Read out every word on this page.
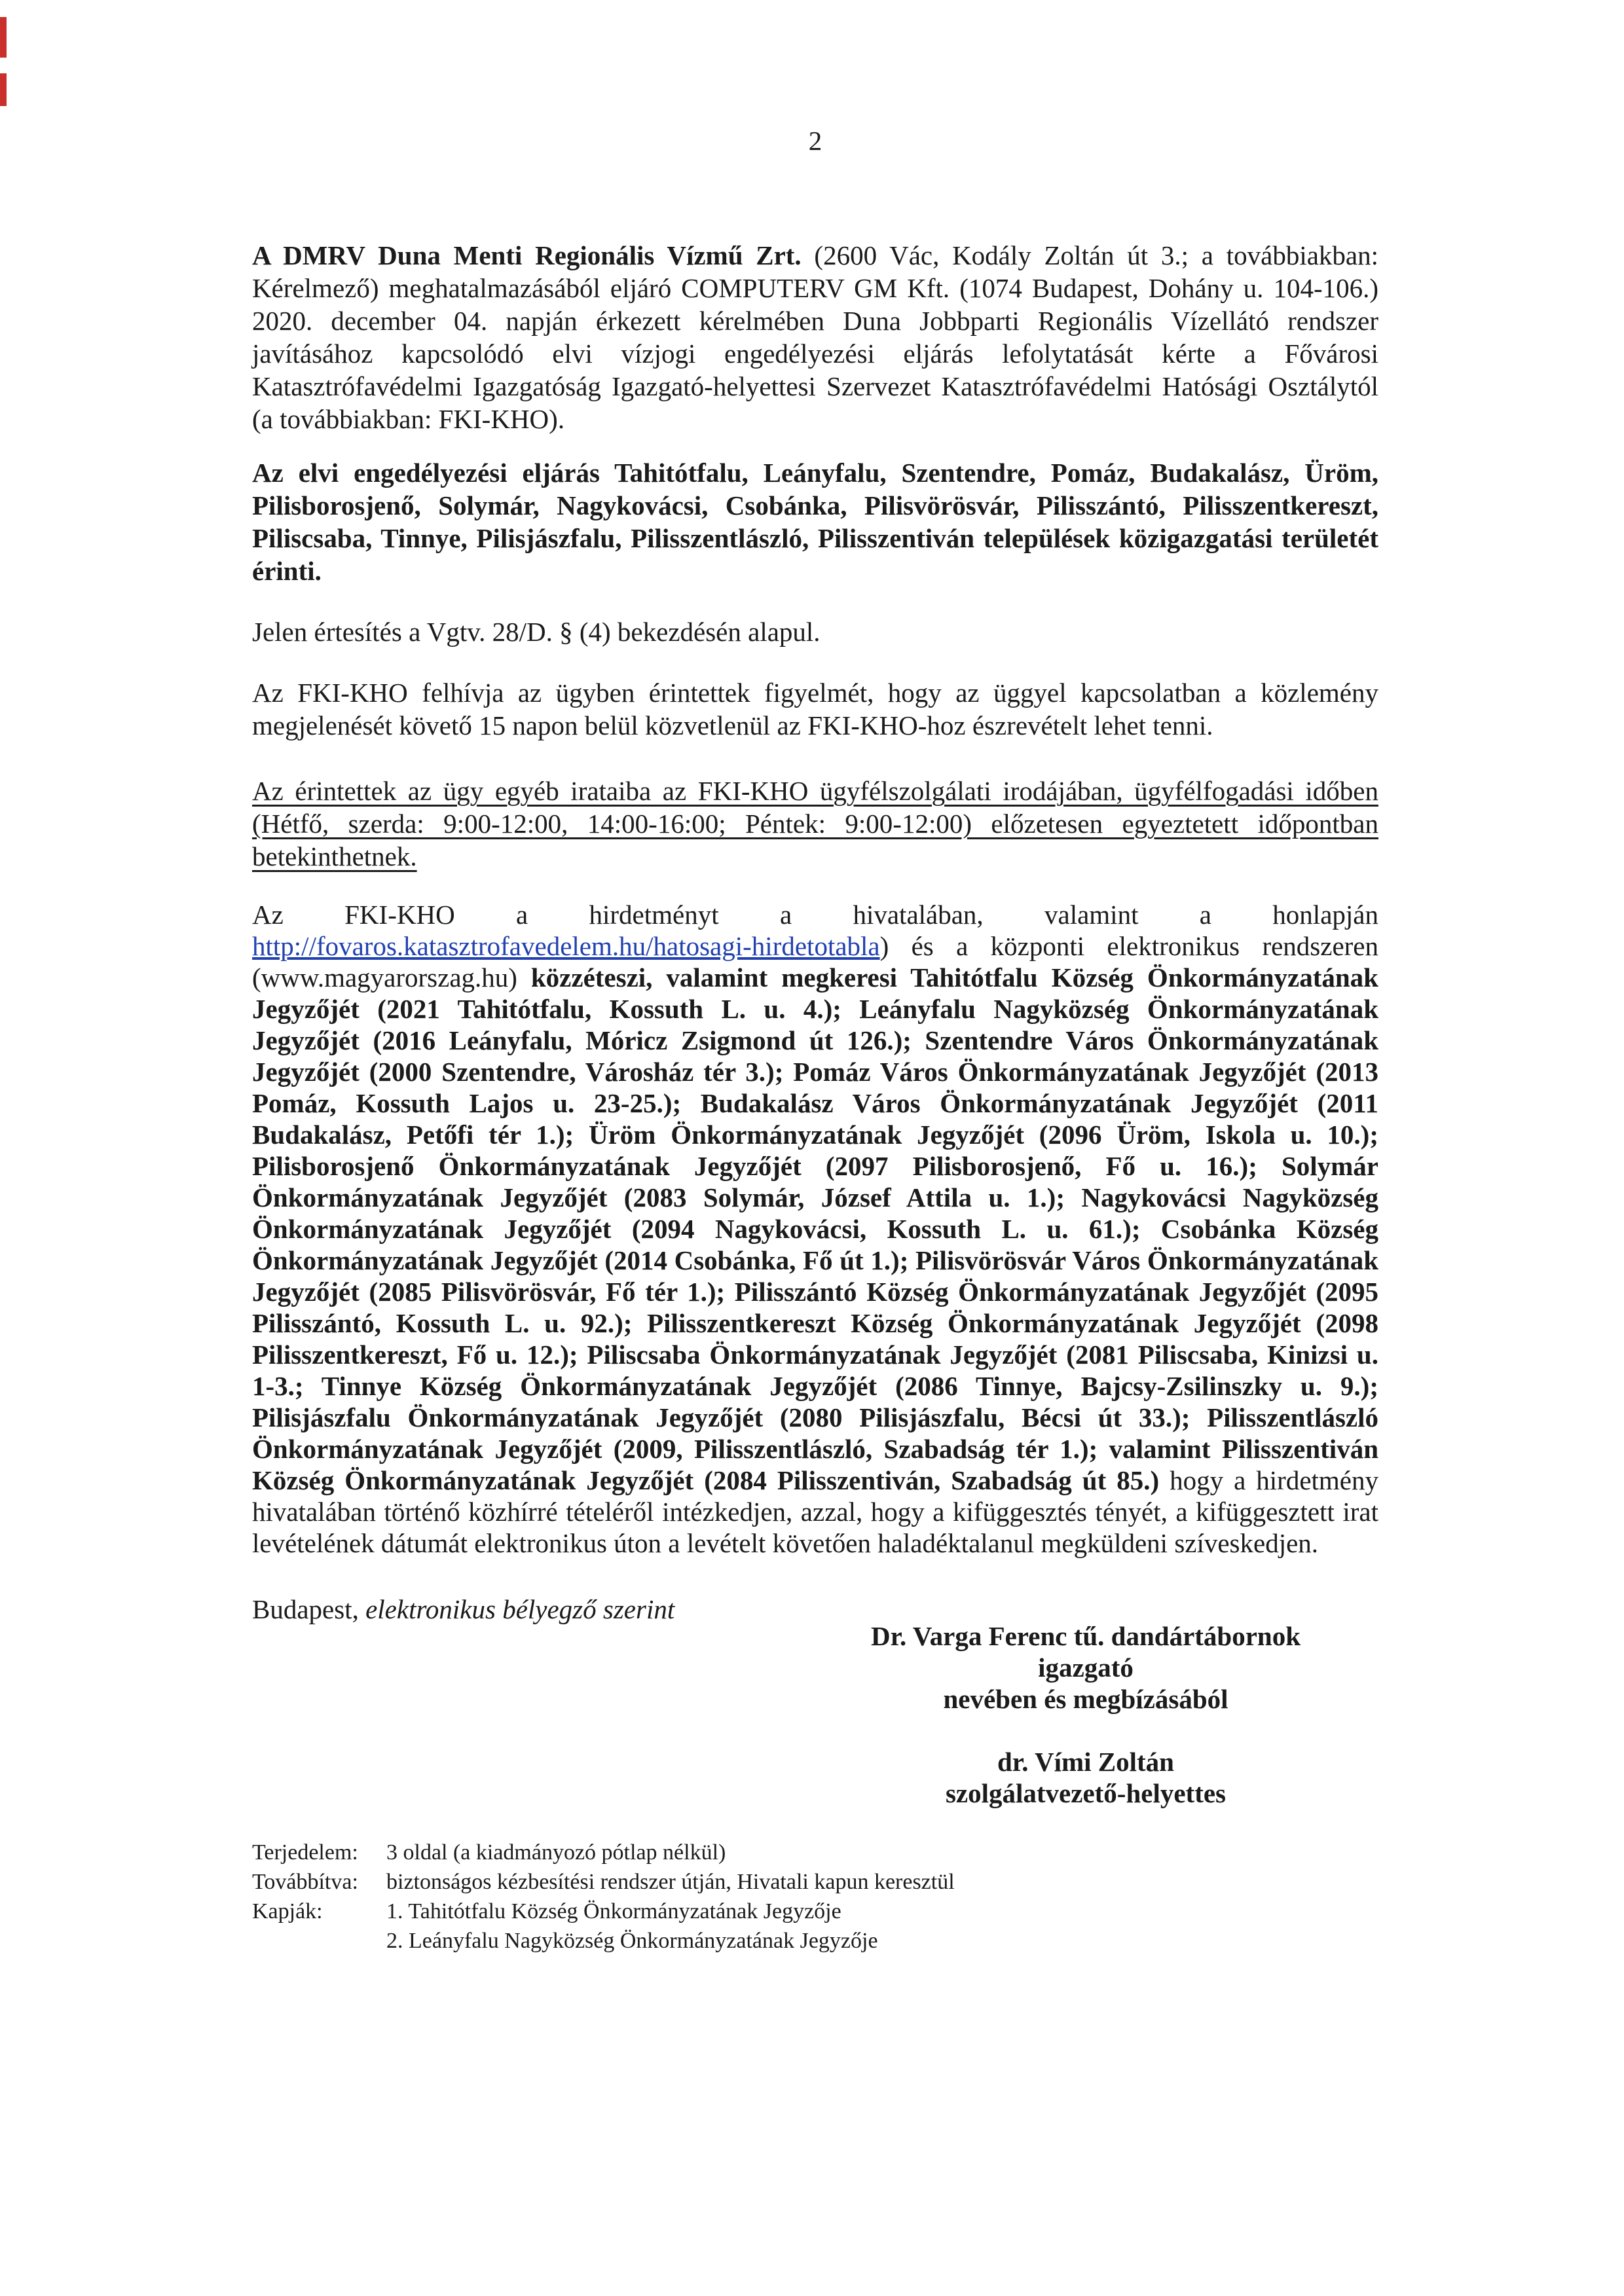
2

A DMRV Duna Menti Regionális Vízmű Zrt. (2600 Vác, Kodály Zoltán út 3.; a továbbiakban: Kérelmező) meghatalmazásából eljáró COMPUTERV GM Kft. (1074 Budapest, Dohány u. 104-106.) 2020. december 04. napján érkezett kérelmében Duna Jobbparti Regionális Vízellátó rendszer javításához kapcsolódó elvi vízjogi engedélyezési eljárás lefolytatását kérte a Fővárosi Katasztrófavédelmi Igazgatóság Igazgató-helyettesi Szervezet Katasztrófavédelmi Hatósági Osztálytól (a továbbiakban: FKI-KHO).

Az elvi engedélyezési eljárás Tahitótfalu, Leányfalu, Szentendre, Pomáz, Budakalász, Üröm, Pilisborosjenő, Solymár, Nagykovácsi, Csobánka, Pilisvörösvár, Pilisszántó, Pilisszentkereszt, Piliscsaba, Tinnye, Pilisjászfalu, Pilisszentlászló, Pilisszentiván települések közigazgatási területét érinti.

Jelen értesítés a Vgtv. 28/D. § (4) bekezdésén alapul.

Az FKI-KHO felhívja az ügyben érintettek figyelmét, hogy az üggyel kapcsolatban a közlemény megjelenését követő 15 napon belül közvetlenül az FKI-KHO-hoz észrevételt lehet tenni.

Az érintettek az ügy egyéb irataiba az FKI-KHO ügyfélszolgálati irodájában, ügyfélfogadási időben (Hétfő, szerda: 9:00-12:00, 14:00-16:00; Péntek: 9:00-12:00) előzetesen egyeztetett időpontban betekinthetnek.

Az FKI-KHO a hirdetményt a hivatalában, valamint a honlapján http://fovaros.katasztrofavedelem.hu/hatosagi-hirdetotabla) és a központi elektronikus rendszeren (www.magyarorszag.hu) közzéteszi, valamint megkeresi Tahitótfalu Község Önkormányzatának Jegyzőjét (2021 Tahitótfalu, Kossuth L. u. 4.); Leányfalu Nagyközség Önkormányzatának Jegyzőjét (2016 Leányfalu, Móricz Zsigmond út 126.); Szentendre Város Önkormányzatának Jegyzőjét (2000 Szentendre, Városház tér 3.); Pomáz Város Önkormányzatának Jegyzőjét (2013 Pomáz, Kossuth Lajos u. 23-25.); Budakalász Város Önkormányzatának Jegyzőjét (2011 Budakalász, Petőfi tér 1.); Üröm Önkormányzatának Jegyzőjét (2096 Üröm, Iskola u. 10.); Pilisborosjenő Önkormányzatának Jegyzőjét (2097 Pilisborosjenő, Fő u. 16.); Solymár Önkormányzatának Jegyzőjét (2083 Solymár, József Attila u. 1.); Nagykovácsi Nagyközség Önkormányzatának Jegyzőjét (2094 Nagykovácsi, Kossuth L. u. 61.); Csobánka Község Önkormányzatának Jegyzőjét (2014 Csobánka, Fő út 1.); Pilisvörösvár Város Önkormányzatának Jegyzőjét (2085 Pilisvörösvár, Fő tér 1.); Pilisszántó Község Önkormányzatának Jegyzőjét (2095 Pilisszántó, Kossuth L. u. 92.); Pilisszentkereszt Község Önkormányzatának Jegyzőjét (2098 Pilisszentkereszt, Fő u. 12.); Piliscsaba Önkormányzatának Jegyzőjét (2081 Piliscsaba, Kinizsi u. 1-3.; Tinnye Község Önkormányzatának Jegyzőjét (2086 Tinnye, Bajcsy-Zsilinszky u. 9.); Pilisjászfalu Önkormányzatának Jegyzőjét (2080 Pilisjászfalu, Bécsi út 33.); Pilisszentlászló Önkormányzatának Jegyzőjét (2009, Pilisszentlászló, Szabadság tér 1.); valamint Pilisszentiván Község Önkormányzatának Jegyzőjét (2084 Pilisszentiván, Szabadság út 85.) hogy a hirdetmény hivatalában történő közhírré tételéről intézkedjen, azzal, hogy a kifüggesztés tényét, a kifüggesztett irat levételének dátumát elektronikus úton a levételt követően haladéktalanul megküldeni szíveskedjen.

Budapest, elektronikus bélyegző szerint

Dr. Varga Ferenc tű. dandártábornok
igazgató
nevében és megbízásából
dr. Vími Zoltán
szolgálatvezető-helyettes
Terjedelem:	3 oldal (a kiadmányozó pótlap nélkül)
Továbbítva:	biztonságos kézbesítési rendszer útján, Hivatali kapun keresztül
Kapják:	1. Tahitótfalu Község Önkormányzatának Jegyzője
2. Leányfalu Nagyközség Önkormányzatának Jegyzője
